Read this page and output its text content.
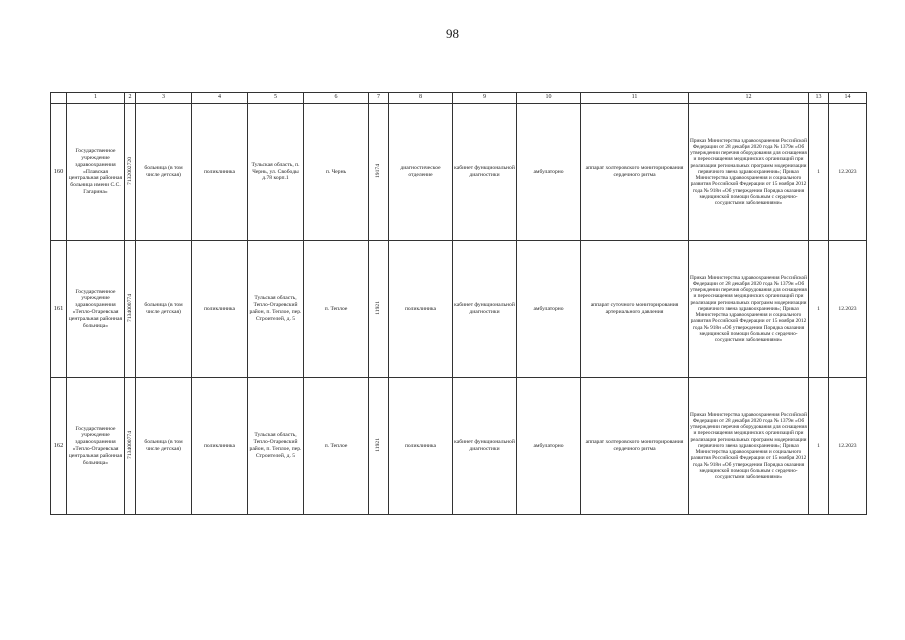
98
	1	2	3	4	5	6	7	8	9	10	11	12	13	14
160	Государственное учреждение здравоохранения «Плавская центральная районная больница имени С.С. Гагарина»	7132002720	больница (в том числе детская)	поликлиника	Тульская область, п. Чернь, ул. Свободы д.78 корп.1	п. Чернь	19174	диагностическое отделение	кабинет функциональной диагностики	амбулаторно	аппарат холтеровского мониторирования сердечного ритма	Приказ Министерства здравоохранения Российской Федерации от 28 декабря 2020 года № 1379н «Об утверждении перечня оборудования для оснащения и переоснащения медицинских организаций при реализации региональных программ модернизации первичного звена здравоохранения»; Приказ Министерства здравоохранения и социального развития Российской Федерации от 15 ноября 2012 года № 918н «Об утверждении Порядка оказания медицинской помощи больным с сердечно-сосудистыми заболеваниями»	1	12.2023
161	Государственное учреждение здравоохранения «Тепло-Огаревская центральная районная больница»	7134000774	больница (в том числе детская)	поликлиника	Тульская область, Тепло-Огаревский район, п. Теплое, пер. Строителей, д. 5	п. Теплое	11921	поликлиника	кабинет функциональной диагностики	амбулаторно	аппарат суточного мониторирования артериального давления	Приказ Министерства здравоохранения Российской Федерации от 28 декабря 2020 года № 1379н «Об утверждении перечня оборудования для оснащения и переоснащения медицинских организаций при реализации региональных программ модернизации первичного звена здравоохранения»; Приказ Министерства здравоохранения и социального развития Российской Федерации от 15 ноября 2012 года № 918н «Об утверждении Порядка оказания медицинской помощи больным с сердечно-сосудистыми заболеваниями»	1	12.2023
162	Государственное учреждение здравоохранения «Тепло-Огаревская центральная районная больница»	7134000774	больница (в том числе детская)	поликлиника	Тульская область, Тепло-Огаревский район, п. Теплое, пер. Строителей, д. 5	п. Теплое	11921	поликлиника	кабинет функциональной диагностики	амбулаторно	аппарат холтеровского мониторирования сердечного ритма	Приказ Министерства здравоохранения Российской Федерации от 28 декабря 2020 года № 1379н «Об утверждении перечня оборудования для оснащения и переоснащения медицинских организаций при реализации региональных программ модернизации первичного звена здравоохранения»; Приказ Министерства здравоохранения и социального развития Российской Федерации от 15 ноября 2012 года № 918н «Об утверждении Порядка оказания медицинской помощи больным с сердечно-сосудистыми заболеваниями»	1	12.2023
